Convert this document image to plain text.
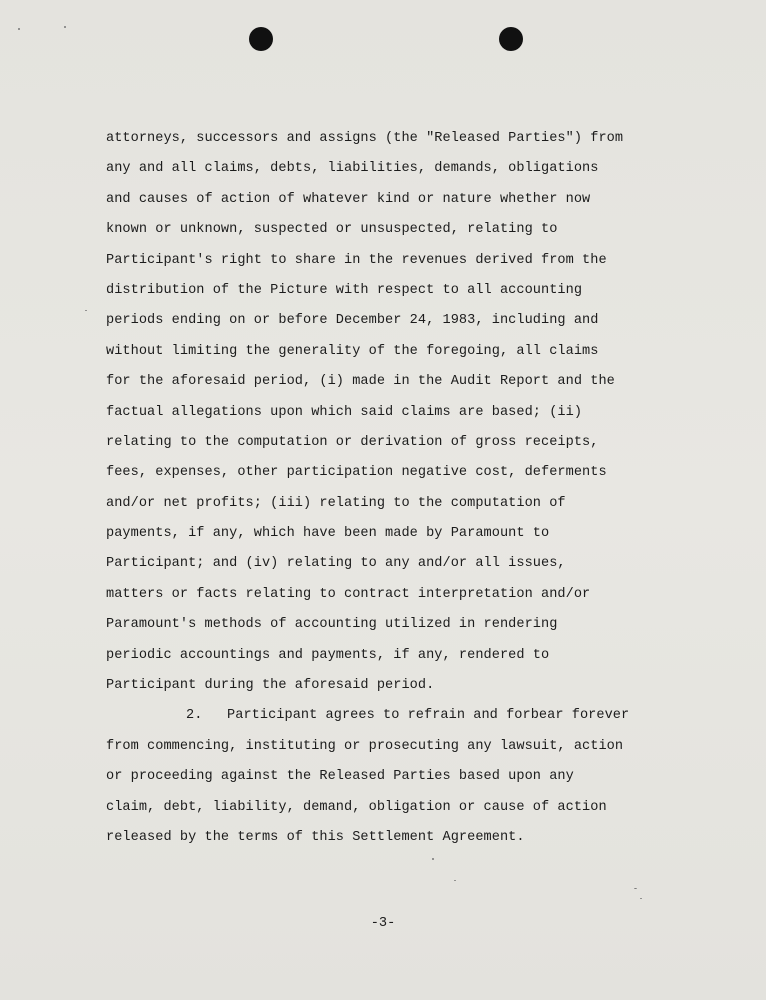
attorneys, successors and assigns (the "Released Parties") from
any and all claims, debts, liabilities, demands, obligations
and causes of action of whatever kind or nature whether now
known or unknown, suspected or unsuspected, relating to
Participant's right to share in the revenues derived from the
distribution of the Picture with respect to all accounting
periods ending on or before December 24, 1983, including and
without limiting the generality of the foregoing, all claims
for the aforesaid period, (i) made in the Audit Report and the
factual allegations upon which said claims are based; (ii)
relating to the computation or derivation of gross receipts,
fees, expenses, other participation negative cost, deferments
and/or net profits; (iii) relating to the computation of
payments, if any, which have been made by Paramount to
Participant; and (iv) relating to any and/or all issues,
matters or facts relating to contract interpretation and/or
Paramount's methods of accounting utilized in rendering
periodic accountings and payments, if any, rendered to
Participant during the aforesaid period.
2.   Participant agrees to refrain and forbear forever
from commencing, instituting or prosecuting any lawsuit, action
or proceeding against the Released Parties based upon any
claim, debt, liability, demand, obligation or cause of action
released by the terms of this Settlement Agreement.
-3-
